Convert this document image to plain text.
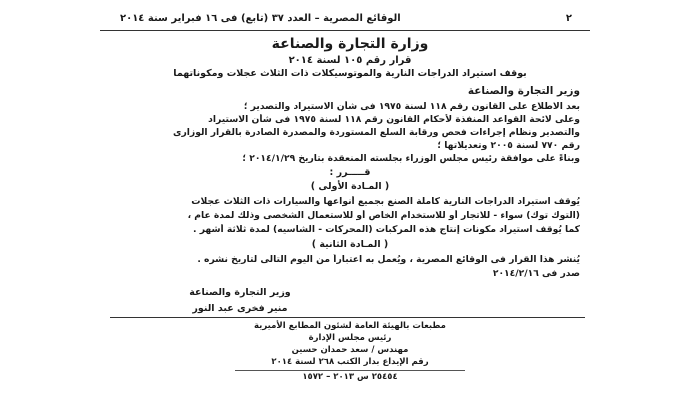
٢
الوقائع المصرية – العدد ٣٧ (تابع) فى ١٦ فبراير سنة ٢٠١٤
وزارة التجارة والصناعة
قرار رقم ١٠٥ لسنة ٢٠١٤
بوقف استيراد الدراجات النارية والموتوسيكلات ذات الثلاث عجلات ومكوناتهما
وزير التجارة والصناعة
بعد الاطلاع على القانون رقم ١١٨ لسنة ١٩٧٥ فى شأن الاستيراد والتصدير ؛
وعلى لائحة القواعد المنفذة لأحكام القانون رقم ١١٨ لسنة ١٩٧٥ فى شأن الاستيراد
والتصدير ونظام إجراءات فحص ورقابة السلع المستوردة والمصدرة الصادرة بالقرار الوزارى
رقم ٧٧٠ لسنة ٢٠٠٥ وتعديلاتها ؛
وبناءً على موافقة رئيس مجلس الوزراء بجلسته المنعقدة بتاريخ ٢٠١٤/١/٢٩ ؛
قـــــرر :
( المـادة الأولى )
يُوقف استيراد الدراجات النارية كاملة الصنع بجميع أنواعها والسيارات ذات الثلاث عجلات
(التوك توك) سواء - للاتجار أو للاستخدام الخاص أو للاستعمال الشخصى وذلك لمدة عام ،
كما يُوقف استيراد مكونات إنتاج هذه المركبات (المحركات - الشاسيه) لمدة ثلاثة أشهر .
( المـادة الثانية )
يُنشر هذا القرار فى الوقائع المصرية ، ويُعمل به اعتباراً من اليوم التالى لتاريخ نشره .
صدر فى ٢٠١٤/٢/١٦
وزير التجارة والصناعة
منير فخرى عبد النور
مطبعات بالهيئة العامة لشئون المطابع الأميرية
رئيس مجلس الإدارة
مهندس / سعد حمدان حسين
رقم الإيداع بدار الكتب ٢٦٨ لسنة ٢٠١٤
٢٥٤٥٤ س ٢٠١٣ – ١٥٧٢
